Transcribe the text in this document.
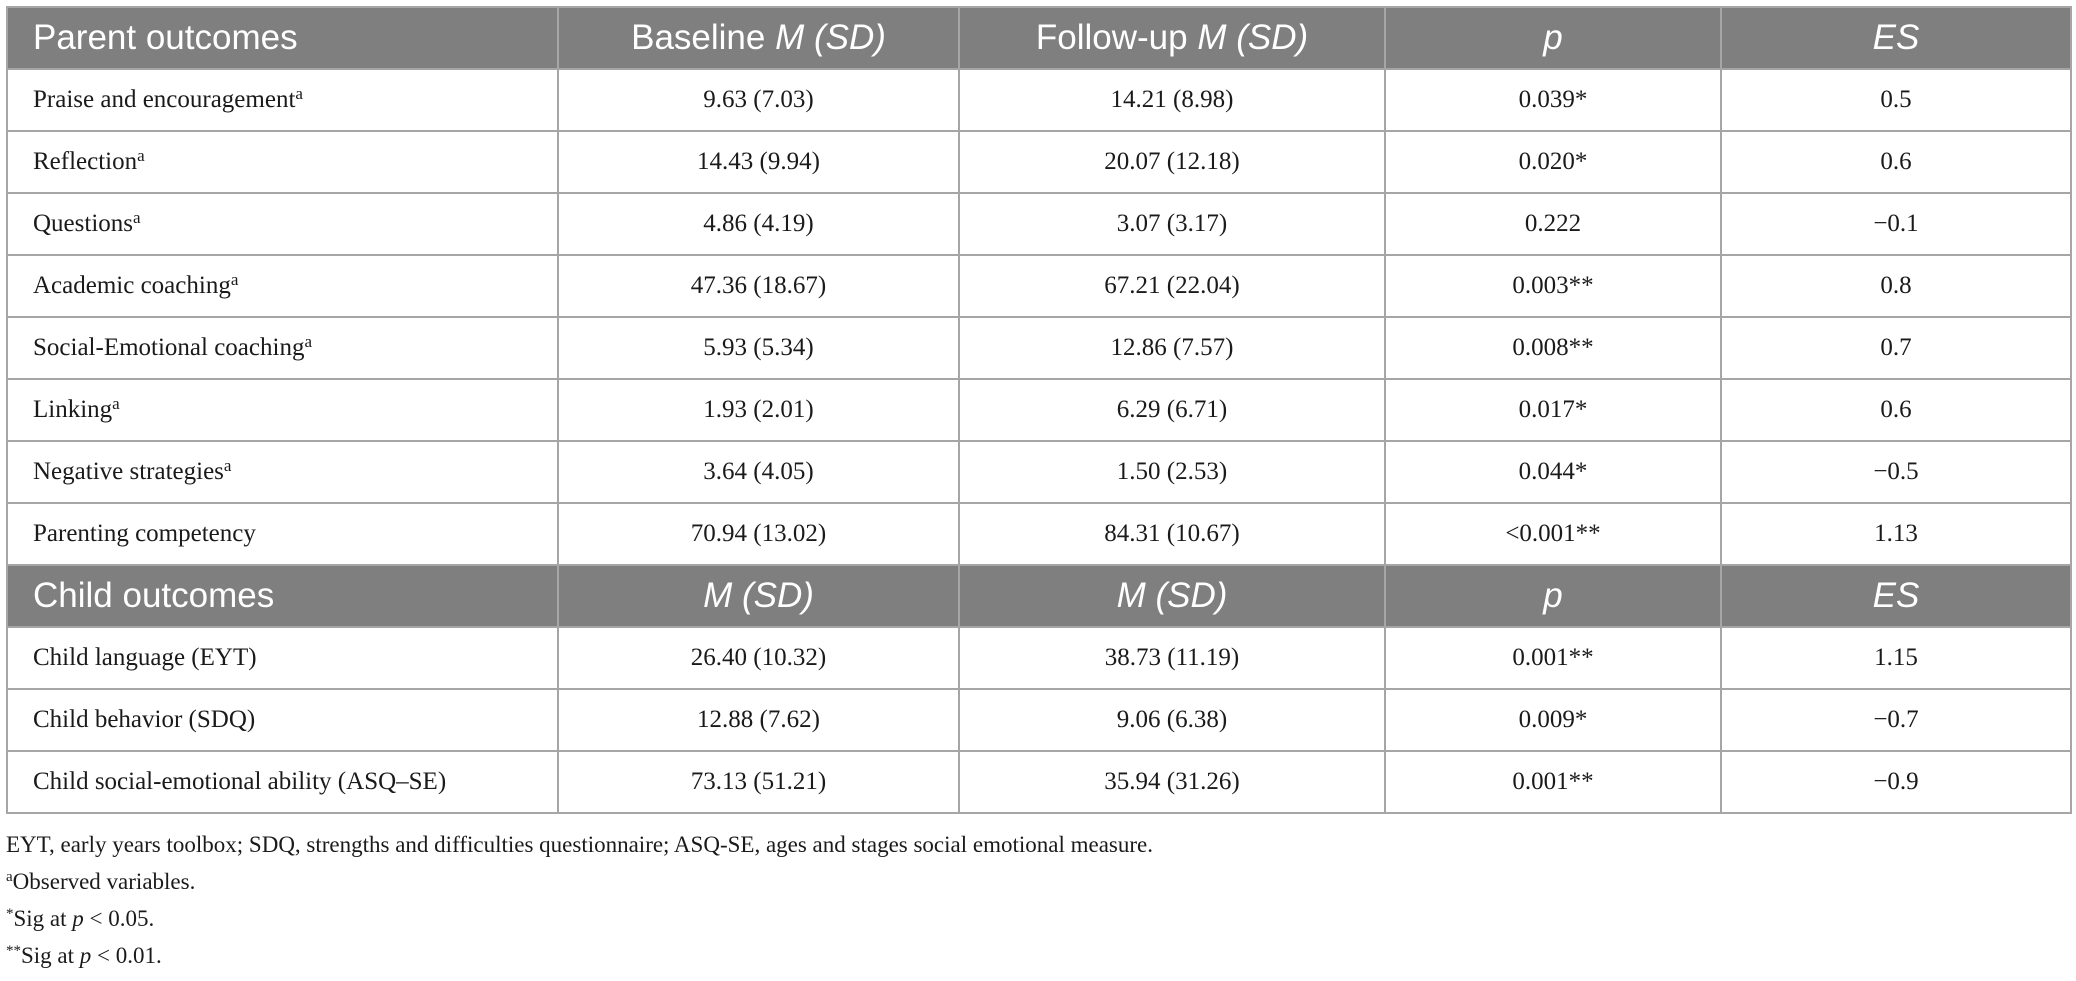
Parent outcomes	Baseline M (SD)	Follow-up M (SD)	p	ES
Praise and encouragement$^a$	9.63 (7.03)	14.21 (8.98)	0.039*	0.5
Reflection$^a$	14.43 (9.94)	20.07 (12.18)	0.020*	0.6
Questions$^a$	4.86 (4.19)	3.07 (3.17)	0.222	−0.1
Academic coaching$^a$	47.36 (18.67)	67.21 (22.04)	0.003**	0.8
Social-Emotional coaching$^a$	5.93 (5.34)	12.86 (7.57)	0.008**	0.7
Linking$^a$	1.93 (2.01)	6.29 (6.71)	0.017*	0.6
Negative strategies$^a$	3.64 (4.05)	1.50 (2.53)	0.044*	−0.5
Parenting competency	70.94 (13.02)	84.31 (10.67)	<0.001**	1.13
Child outcomes	M (SD)	M (SD)	p	ES
Child language (EYT)	26.40 (10.32)	38.73 (11.19)	0.001**	1.15
Child behavior (SDQ)	12.88 (7.62)	9.06 (6.38)	0.009*	−0.7
Child social-emotional ability (ASQ–SE)	73.13 (51.21)	35.94 (31.26)	0.001**	−0.9
EYT, early years toolbox; SDQ, strengths and difficulties questionnaire; ASQ-SE, ages and stages social emotional measure.
$^a$Observed variables.
*Sig at p < 0.05.
**Sig at p < 0.01.
